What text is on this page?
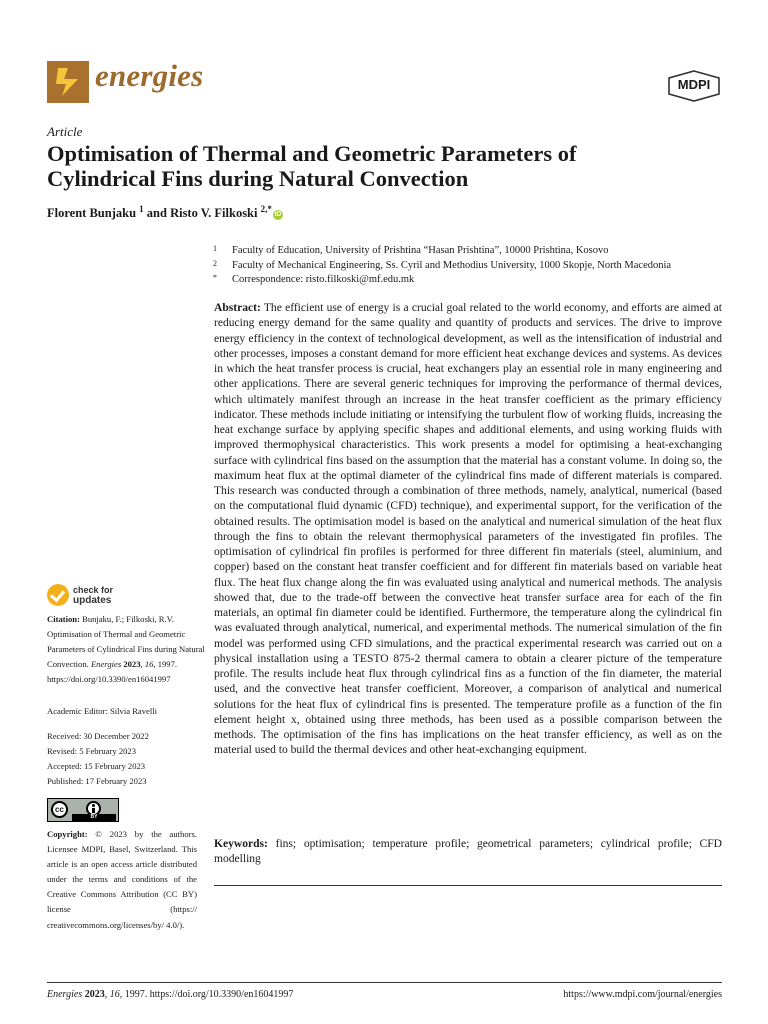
energies	MDPI
Article
Optimisation of Thermal and Geometric Parameters of Cylindrical Fins during Natural Convection
Florent Bunjaku $^1$ and Risto V. Filkoski $^{2,*}$iD
1 Faculty of Education, University of Prishtina “Hasan Prishtina”, 10000 Prishtina, Kosovo
2 Faculty of Mechanical Engineering, Ss. Cyril and Methodius University, 1000 Skopje, North Macedonia
* Correspondence: risto.filkoski@mf.edu.mk
Abstract: The efficient use of energy is a crucial goal related to the world economy, and efforts are aimed at reducing energy demand for the same quality and quantity of products and services. The drive to improve energy efficiency in the context of technological development, as well as the intensification of industrial and other processes, imposes a constant demand for more efficient heat exchange devices and systems. As devices in which the heat transfer process is crucial, heat exchangers play an essential role in many engineering and other applications. There are several generic techniques for improving the performance of thermal devices, which ultimately manifest through an increase in the heat transfer coefficient as the primary efficiency indicator. These methods include initiating or intensifying the turbulent flow of working fluids, increasing the heat exchange surface by applying specific shapes and additional elements, and using working fluids with improved thermophysical characteristics. This work presents a model for optimising a heat-exchanging surface with cylindrical fins based on the assumption that the material has a constant volume. In doing so, the maximum heat flux at the optimal diameter of the cylindrical fins made of different materials is compared. This research was conducted through a combination of three methods, namely, analytical, numerical (based on the computational fluid dynamic (CFD) technique), and experimental support, for the verification of the obtained results. The optimisation model is based on the analytical and numerical simulation of the heat flux through the fins to obtain the relevant thermophysical parameters of the investigated fin profiles. The optimisation of cylindrical fin profiles is performed for three different fin materials (steel, aluminium, and copper) based on the constant heat transfer coefficient and for different fin materials based on variable heat flux. The heat flux change along the fin was evaluated using analytical and numerical methods. The analysis showed that, due to the trade-off between the convective heat transfer surface area for each of the fin materials, an optimal fin diameter could be identified. Furthermore, the temperature along the cylindrical fin was evaluated through analytical, numerical, and experimental methods. The numerical simulation of the fin model was performed using CFD simulations, and the practical experimental research was carried out on a physical installation using a TESTO 875-2 thermal camera to obtain a clearer picture of the temperature profile. The results include heat flux through cylindrical fins as a function of the fin diameter, the material used, and the convective heat transfer coefficient. Moreover, a comparison of analytical and numerical solutions for the heat flux of cylindrical fins is presented. The temperature profile as a function of the fin element height x, obtained using three methods, has been used as a possible comparison between the methods. The optimisation of the fins has implications on the heat transfer efficiency, as well as on the material used to build the thermal devices and other heat-exchanging equipment.
Keywords: fins; optimisation; temperature profile; geometrical parameters; cylindrical profile; CFD modelling
check for
updates
Citation: Bunjaku, F.; Filkoski, R.V. Optimisation of Thermal and Geometric Parameters of Cylindrical Fins during Natural Convection. Energies 2023, 16, 1997. https://doi.org/10.3390/en16041997
Academic Editor: Silvia Ravelli
Received: 30 December 2022
Revised: 5 February 2023
Accepted: 15 February 2023
Published: 17 February 2023
cc
BY
Copyright: © 2023 by the authors. Licensee MDPI, Basel, Switzerland. This article is an open access article distributed under the terms and conditions of the Creative Commons Attribution (CC BY) license (https:// creativecommons.org/licenses/by/ 4.0/).
Energies 2023, 16, 1997. https://doi.org/10.3390/en16041997	https://www.mdpi.com/journal/energies
